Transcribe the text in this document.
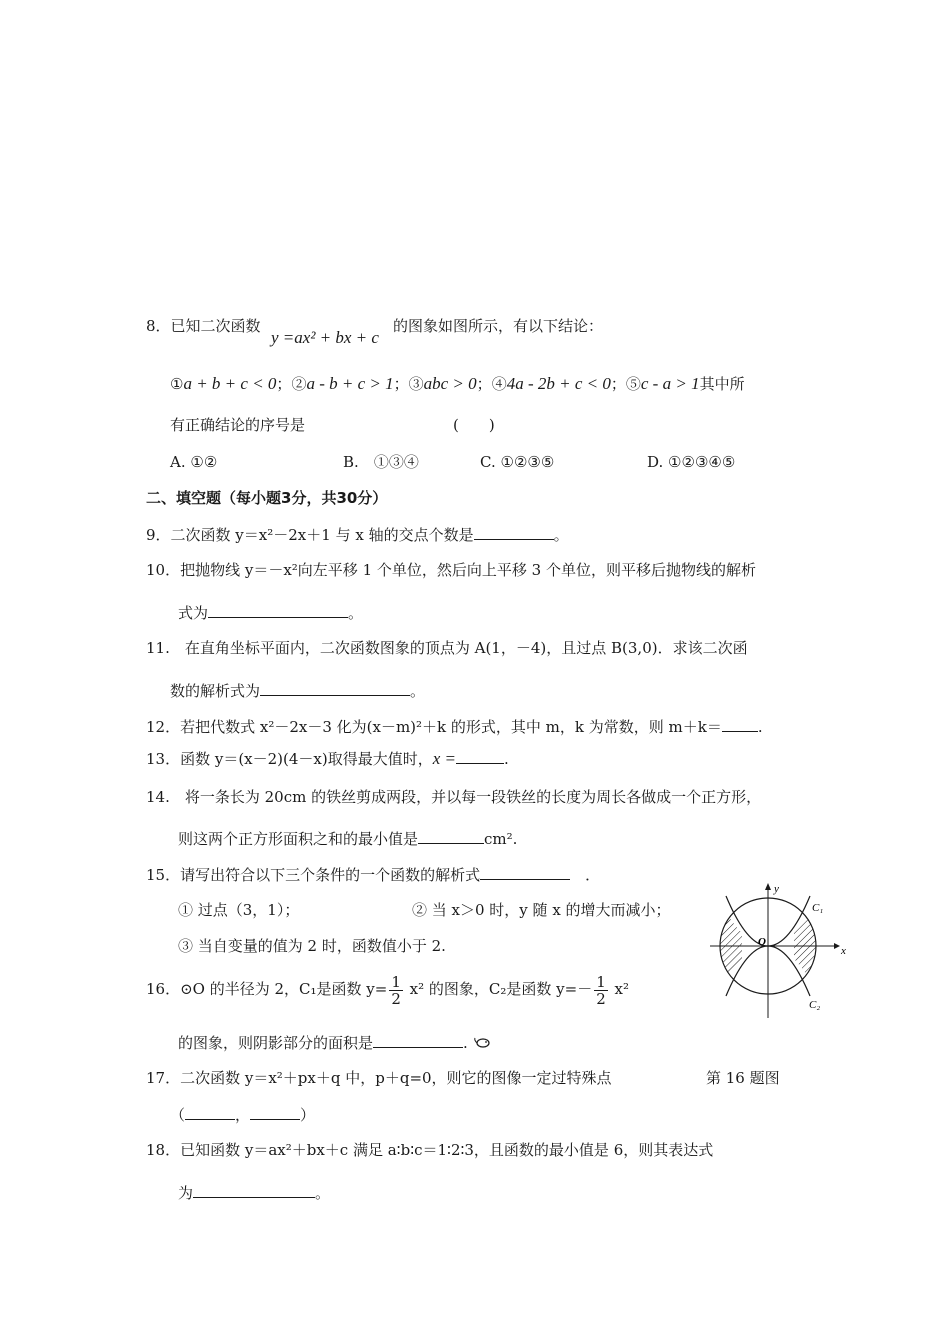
8．已知二次函数
y =ax² + bx + c
的图象如图所示，有以下结论：
①a + b + c < 0；②a - b + c > 1；③abc > 0；④4a - 2b + c < 0；⑤c - a > 1其中所
有正确结论的序号是	(　　)
A. ①②	B.　 ①③④	C. ①②③⑤	D. ①②③④⑤
二、填空题（每小题3分，共30分）
9．二次函数 y＝x²－2x＋1 与 x 轴的交点个数是	。
10．把抛物线 y＝－x²向左平移 1 个单位，然后向上平移 3 个单位，则平移后抛物线的解析
式为	。
11.　在直角坐标平面内，二次函数图象的顶点为 A(1，－4)，且过点 B(3,0)．求该二次函
数的解析式为	。
12．若把代数式 x²－2x－3 化为(x－m)²＋k 的形式，其中 m，k 为常数，则 m＋k＝ .
13．函数 y＝(x－2)(4－x)取得最大值时，x =	.
14.　将一条长为 20cm 的铁丝剪成两段，并以每一段铁丝的长度为周长各做成一个正方形，
则这两个正方形面积之和的最小值是	cm².
15．请写出符合以下三个条件的一个函数的解析式　	．
① 过点（3，1）；	② 当 x＞0 时，y 随 x 的增大而减小；
③ 当自变量的值为 2 时，函数值小于 2.
16．⊙O 的半径为 2，C₁是函数 $y= \frac{1}{2} x^2$ 的图象，C₂是函数 $y=- \frac{1}{2} x^2$
的图象，则阴影部分的面积是	.
y
x
O
C₁
C₂
第 16 题图
17．二次函数 y＝x²＋px＋q 中，p＋q=0，则它的图像一定过特殊点
（	，	）
18．已知函数 y＝ax²＋bx＋c 满足 a∶b∶c＝1∶2∶3，且函数的最小值是 6，则其表达式
为	。
